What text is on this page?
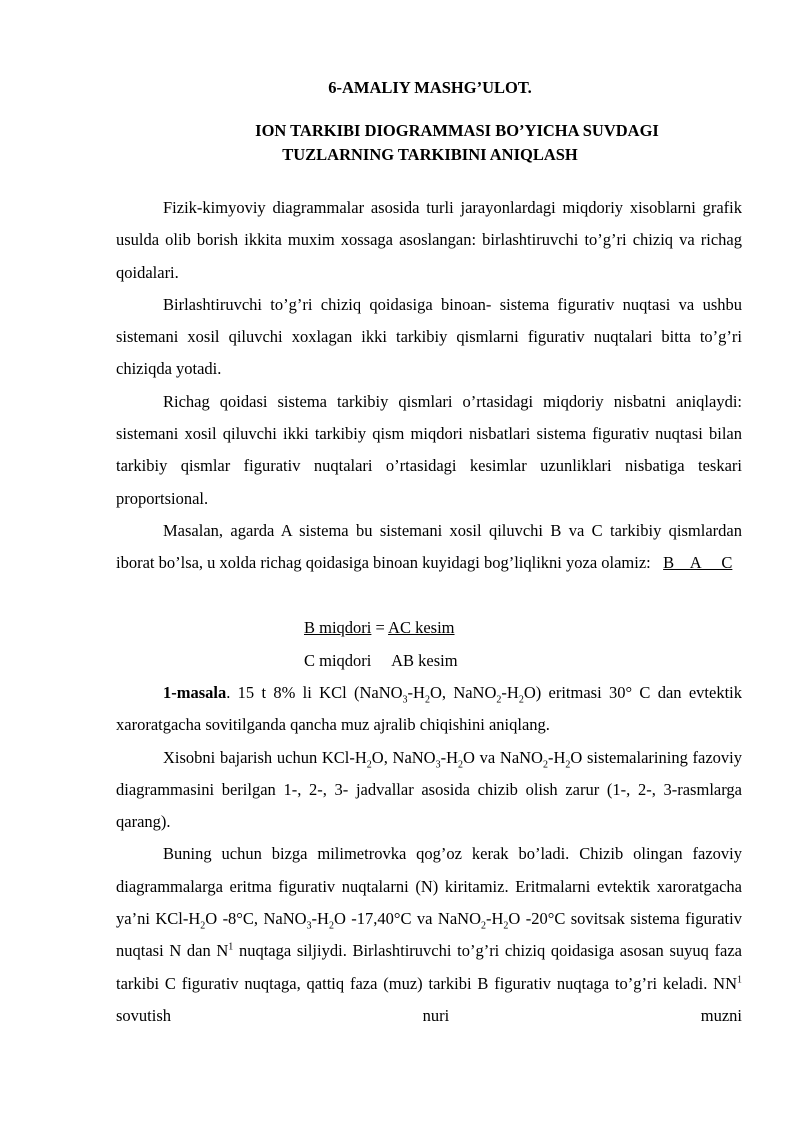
6-AMALIY MASHG’ULOT.
ION TARKIBI DIOGRAMMASI BO’YICHA SUVDAGI
TUZLARNING TARKIBINI ANIQLASH

Fizik-kimyoviy diagrammalar asosida turli jarayonlardagi miqdoriy xisoblarni grafik usulda olib borish ikkita muxim xossaga asoslangan: birlashtiruvchi to’g’ri chiziq va richag qoidalari.

Birlashtiruvchi to’g’ri chiziq qoidasiga binoan- sistema figurativ nuqtasi va ushbu sistemani xosil qiluvchi xoxlagan ikki tarkibiy qismlarni figurativ nuqtalari bitta to’g’ri chiziqda yotadi.

Richag qoidasi sistema tarkibiy qismlari o’rtasidagi miqdoriy nisbatni aniqlaydi: sistemani xosil qiluvchi ikki tarkibiy qism miqdori nisbatlari sistema figurativ nuqtasi bilan tarkibiy qismlar figurativ nuqtalari o’rtasidagi kesimlar uzunliklari nisbatiga teskari proportsional.

Masalan, agarda A sistema bu sistemani xosil qiluvchi B va C tarkibiy qismlardan iborat bo’lsa, u xolda richag qoidasiga binoan kuyidagi bog’liqlikni yoza olamiz: B    A     C

B miqdori = AC kesim
C miqdori AB kesim

1-masala. 15 t 8% li KCl ($NaNO_3-H_2O$, $NaNO_2-H_2O$) eritmasi 30° C dan evtektik xaroratgacha sovitilganda qancha muz ajralib chiqishini aniqlang.

Xisobni bajarish uchun KCl-$H_2O$, $NaNO_3-H_2O$ va $NaNO_2-H_2O$ sistemalarining fazoviy diagrammasini berilgan 1-, 2-, 3- jadvallar asosida chizib olish zarur (1-, 2-, 3-rasmlarga qarang).

Buning uchun bizga milimetrovka qog’oz kerak bo’ladi. Chizib olingan fazoviy diagrammalarga eritma figurativ nuqtalarni (N) kiritamiz. Eritmalarni evtektik xaroratgacha ya’ni KCl-$H_2O$ -8°C, $NaNO_3-H_2O$ -17,40°C va $NaNO_2-H_2O$ -20°C sovitsak sistema figurativ nuqtasi N dan $N^1$ nuqtaga siljiydi. Birlashtiruvchi to’g’ri chiziq qoidasiga asosan suyuq faza tarkibi C figurativ nuqtaga, qattiq faza (muz) tarkibi B figurativ nuqtaga to’g’ri keladi. $NN^1$ sovutish nuri muzni
